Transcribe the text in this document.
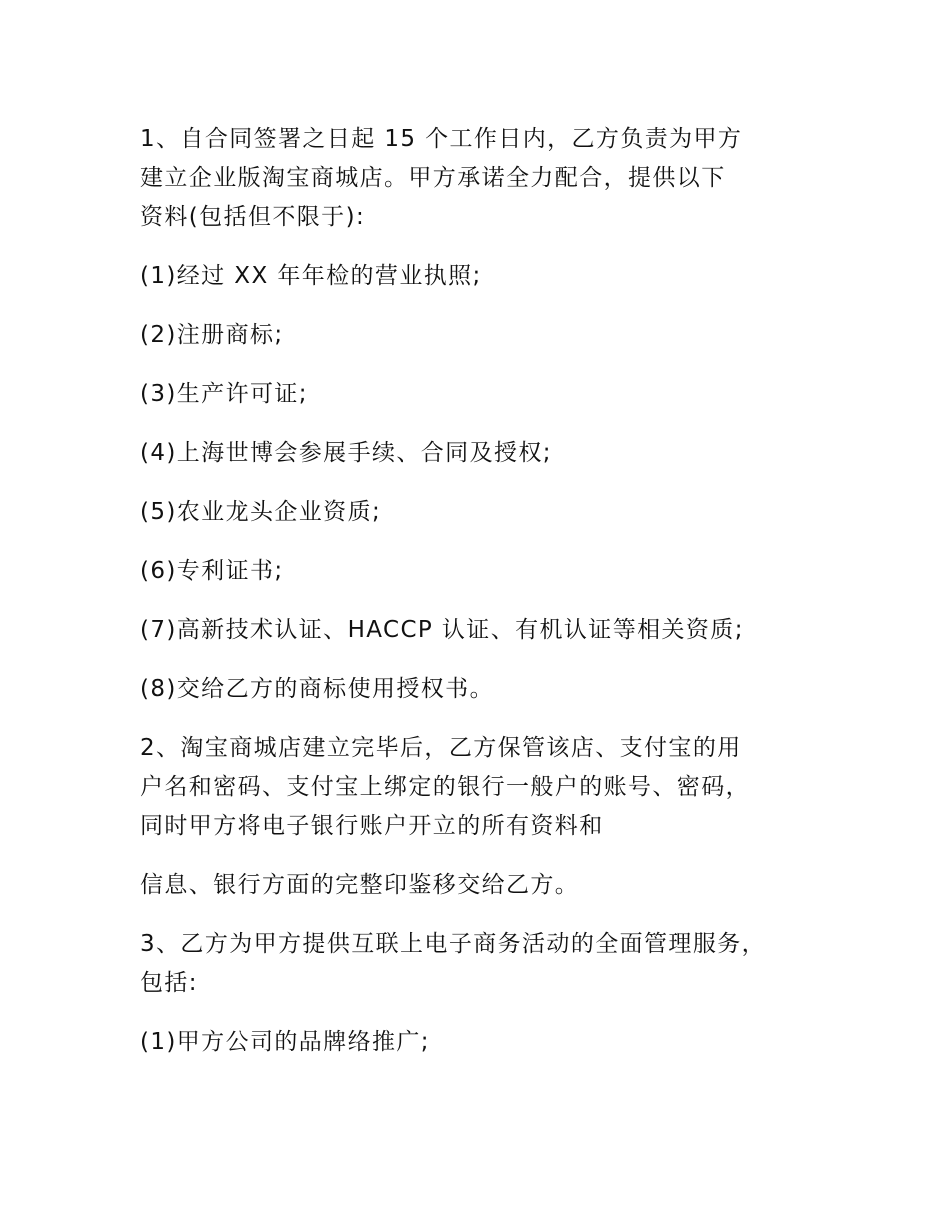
1、自合同签署之日起 15 个工作日内，乙方负责为甲方
建立企业版淘宝商城店。甲方承诺全力配合，提供以下
资料(包括但不限于):

(1)经过 XX 年年检的营业执照;

(2)注册商标;

(3)生产许可证;

(4)上海世博会参展手续、合同及授权;

(5)农业龙头企业资质;

(6)专利证书;

(7)高新技术认证、HACCP 认证、有机认证等相关资质;

(8)交给乙方的商标使用授权书。

2、淘宝商城店建立完毕后，乙方保管该店、支付宝的用
户名和密码、支付宝上绑定的银行一般户的账号、密码，
同时甲方将电子银行账户开立的所有资料和

信息、银行方面的完整印鉴移交给乙方。

3、乙方为甲方提供互联上电子商务活动的全面管理服务，
包括:

(1)甲方公司的品牌络推广;
